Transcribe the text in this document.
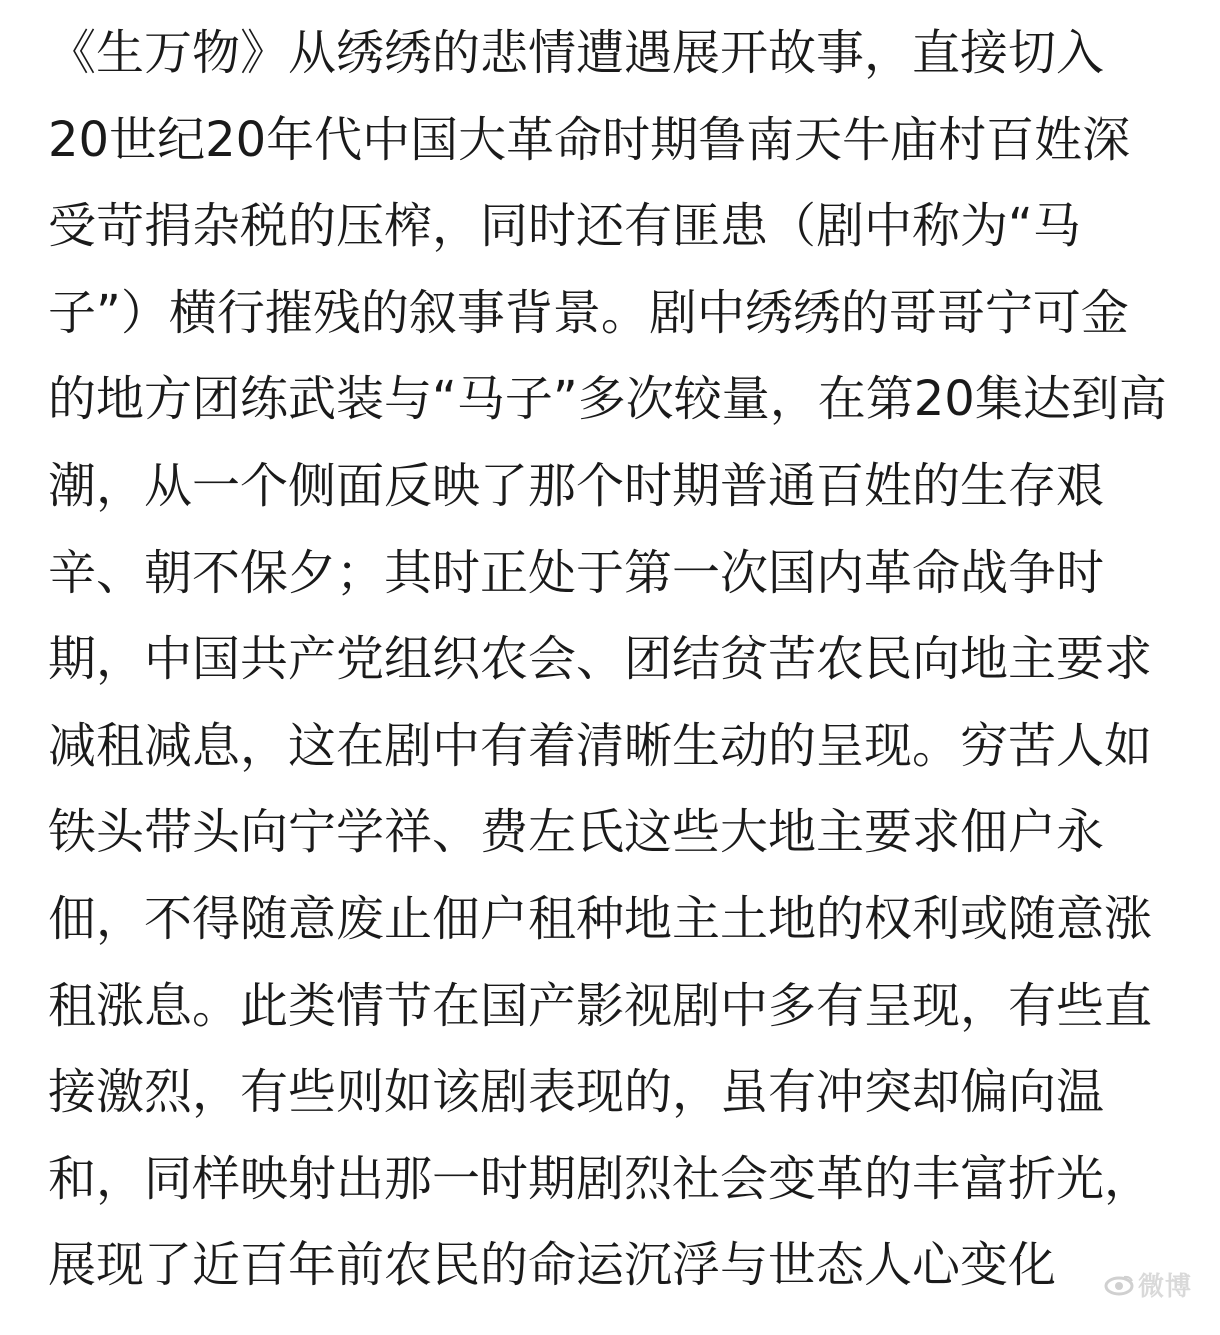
《生万物》从绣绣的悲情遭遇展开故事，直接切入
20世纪20年代中国大革命时期鲁南天牛庙村百姓深
受苛捐杂税的压榨，同时还有匪患（剧中称为“马
子”）横行摧残的叙事背景。剧中绣绣的哥哥宁可金
的地方团练武装与“马子”多次较量，在第20集达到高
潮，从一个侧面反映了那个时期普通百姓的生存艰
辛、朝不保夕；其时正处于第一次国内革命战争时
期，中国共产党组织农会、团结贫苦农民向地主要求
减租减息，这在剧中有着清晰生动的呈现。穷苦人如
铁头带头向宁学祥、费左氏这些大地主要求佃户永
佃，不得随意废止佃户租种地主土地的权利或随意涨
租涨息。此类情节在国产影视剧中多有呈现，有些直
接激烈，有些则如该剧表现的，虽有冲突却偏向温
和，同样映射出那一时期剧烈社会变革的丰富折光，
展现了近百年前农民的命运沉浮与世态人心变化	微博
